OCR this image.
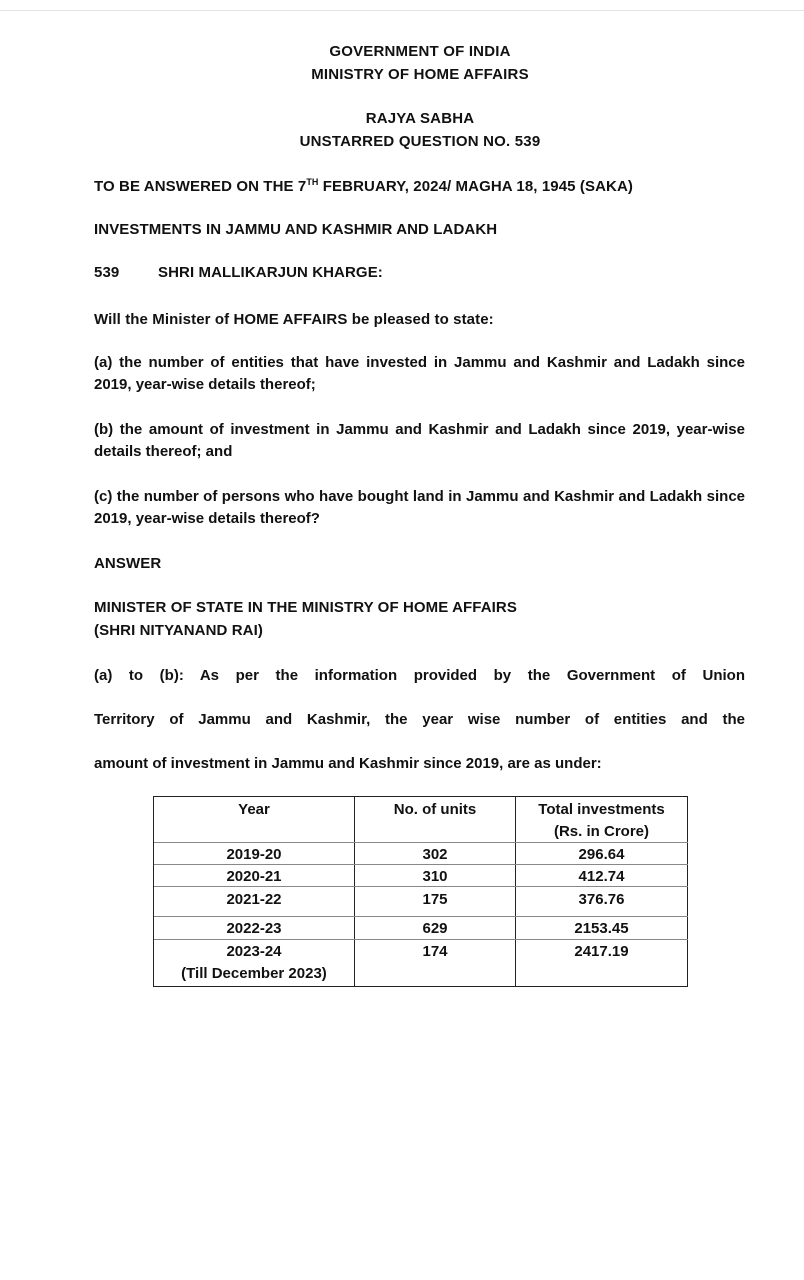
GOVERNMENT OF INDIA
MINISTRY OF HOME AFFAIRS
RAJYA SABHA
UNSTARRED QUESTION NO. 539
TO BE ANSWERED ON THE 7TH FEBRUARY, 2024/ MAGHA 18, 1945 (SAKA)
INVESTMENTS IN JAMMU AND KASHMIR AND LADAKH
539	SHRI MALLIKARJUN KHARGE:
Will the Minister of HOME AFFAIRS be pleased to state:
(a) the number of entities that have invested in Jammu and Kashmir and Ladakh since 2019, year-wise details thereof;
(b) the amount of investment in Jammu and Kashmir and Ladakh since 2019, year-wise details thereof; and
(c) the number of persons who have bought land in Jammu and Kashmir and Ladakh since 2019, year-wise details thereof?
ANSWER
MINISTER OF STATE IN THE MINISTRY OF HOME AFFAIRS
(SHRI NITYANAND RAI)
(a) to (b): As per the information provided by the Government of Union
Territory of Jammu and Kashmir, the year wise number of entities and the
amount of investment in Jammu and Kashmir since 2019, are as under:
Year	No. of units	Total investments
(Rs. in Crore)
2019-20	302	296.64
2020-21	310	412.74
2021-22	175	376.76
2022-23	629	2153.45
2023-24	174	2417.19
(Till December 2023)
